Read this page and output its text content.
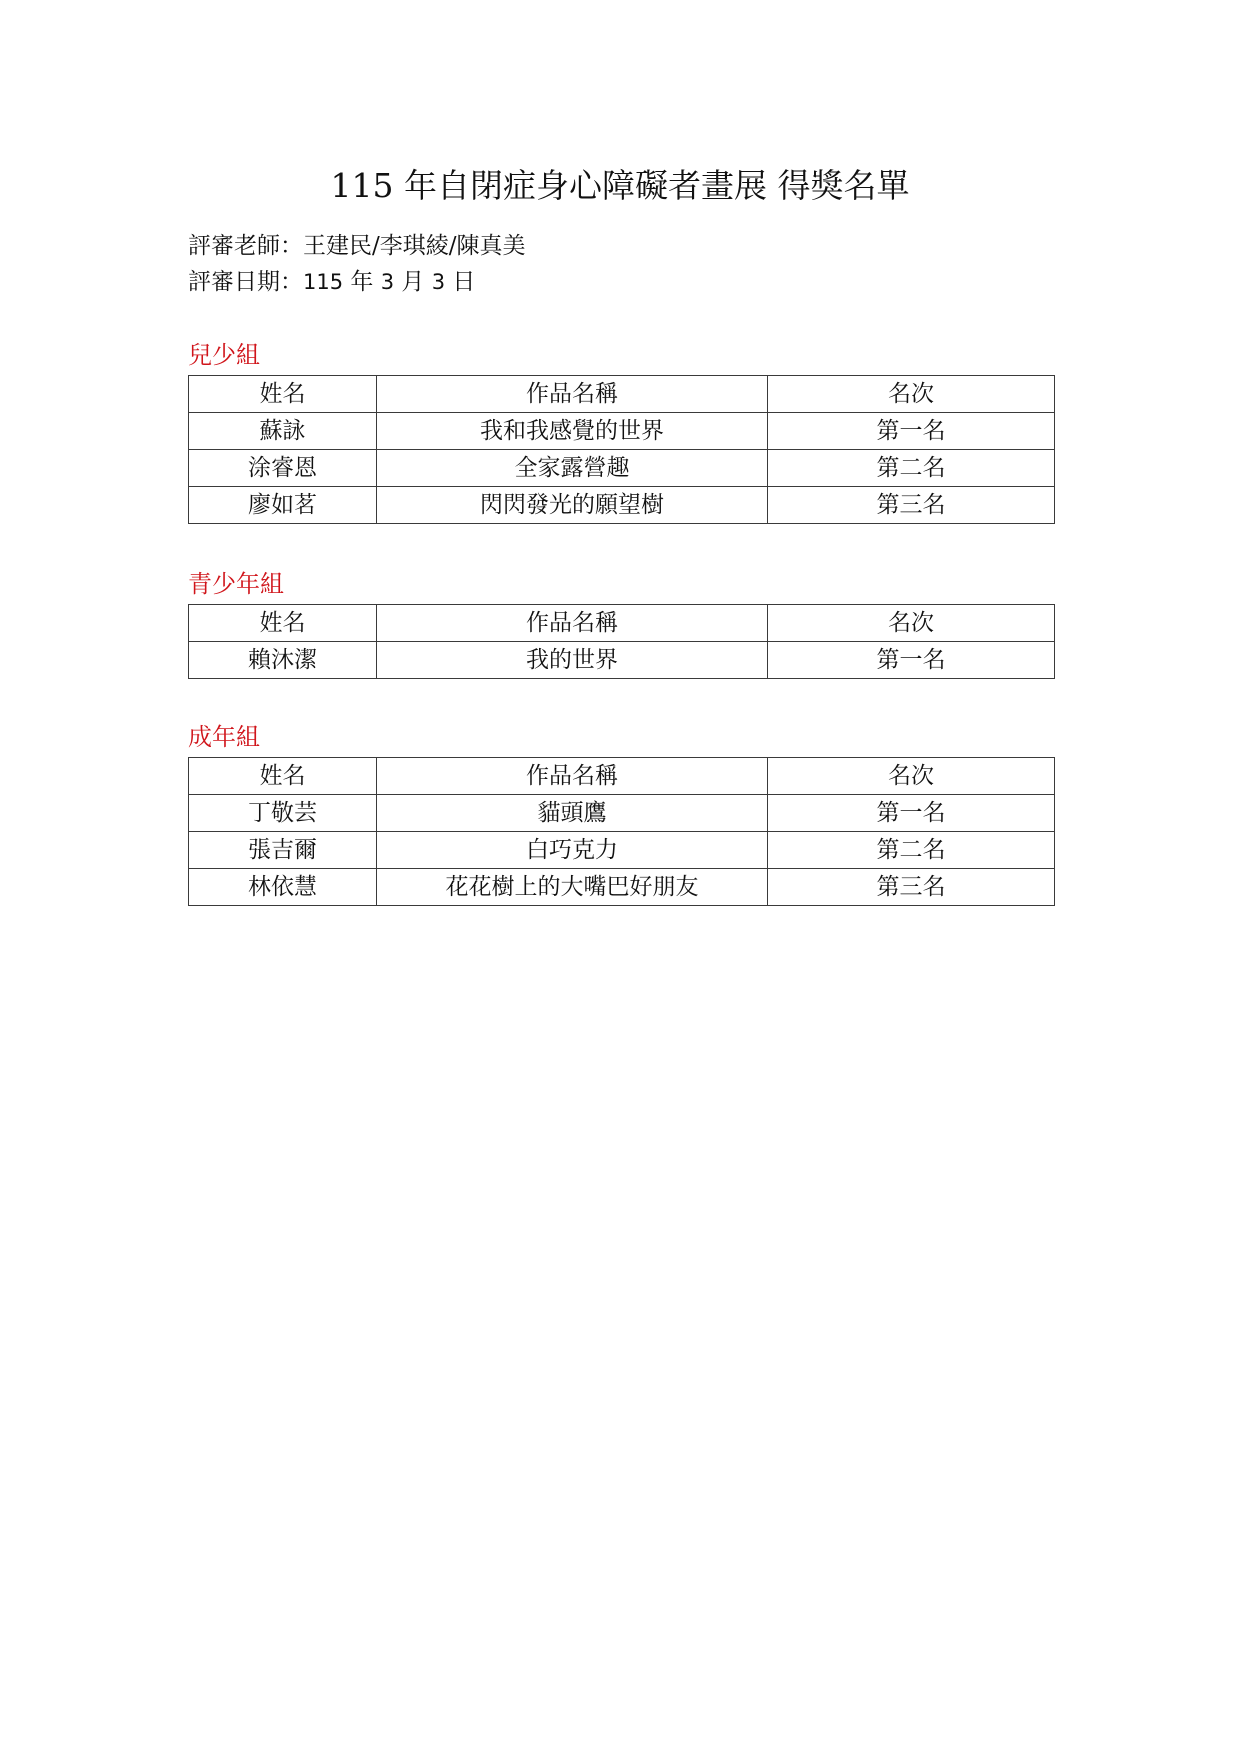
115 年自閉症身心障礙者畫展 得獎名單
評審老師：王建民/李琪綾/陳真美
評審日期：115 年 3 月 3 日
兒少組
姓名	作品名稱	名次
蘇詠	我和我感覺的世界	第一名
涂睿恩	全家露營趣	第二名
廖如茗	閃閃發光的願望樹	第三名
青少年組
姓名	作品名稱	名次
賴沐潔	我的世界	第一名
成年組
姓名	作品名稱	名次
丁敬芸	貓頭鷹	第一名
張吉爾	白巧克力	第二名
林依慧	花花樹上的大嘴巴好朋友	第三名
